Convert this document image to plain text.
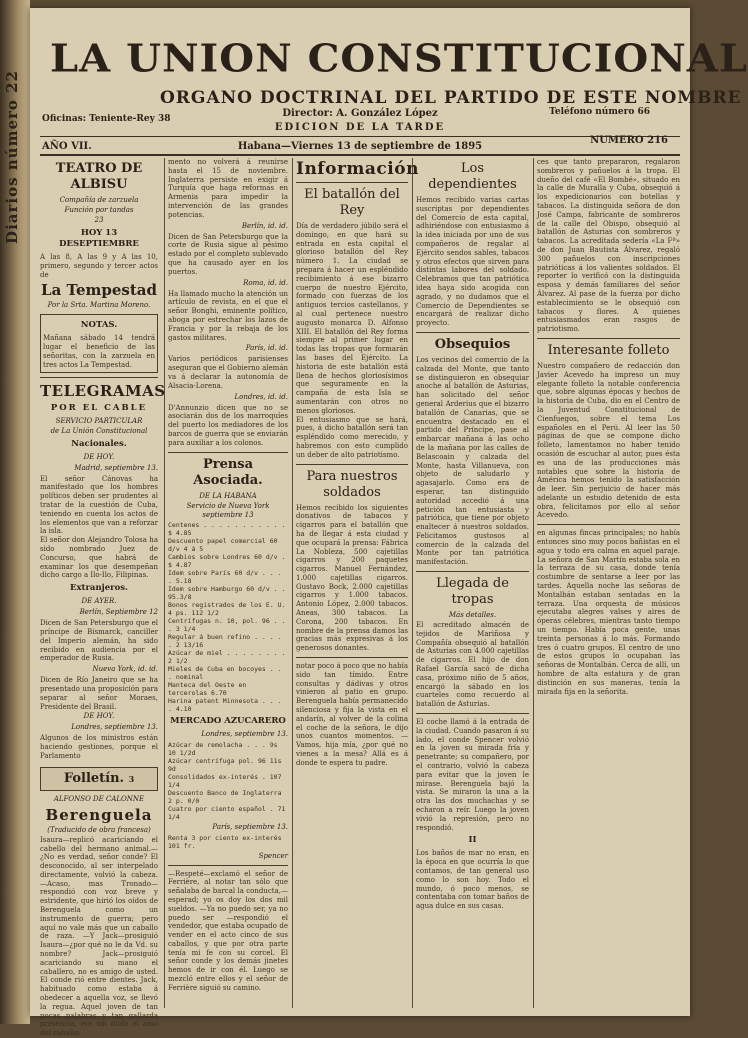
Diarios número 22
LA UNION CONSTITUCIONAL
ORGANO DOCTRINAL DEL PARTIDO DE ESTE NOMBRE
Oficinas: Teniente-Rey 38	Director: A. González López	Teléfono número 66
EDICION DE LA TARDE
AÑO VII.	Habana—Viernes 13 de septiembre de 1895
NUMERO 216
TEATRO DE ALBISU
Compañía de zarzuela
Función por tandas
23
HOY 13 DESEPTIEMBRE

A las 8, A las 9 y A las 10, primero, segundo y tercer actos de

La Tempestad
Por la Srta. Martina Moreno.
NOTAS.

Mañana sábado 14 tendrá lugar el beneficio de las señoritas, con la zarzuela en tres actos La Tempestad.

TELEGRAMAS
POR EL CABLE
SERVICIO PARTICULAR
de La Unión Constitucional
Nacionales.
DE HOY.
Madrid, septiembre 13.

El señor Cánovas ha manifestado que los hombres políticos deben ser prudentes al tratar de la cuestión de Cuba, teniendo en cuenta los actos de los elementos que van a reforzar la isla.

El señor don Alejandro Tolosa ha sido nombrado Juez de Concurso, que habrá de examinar los que desempeñan dicho cargo a Ilo-Ilo, Filipinas.

Extranjeros.
DE AYER.
Berlín, Septiembre 12

Dicen de San Petersburgo que el príncipe de Bismarck, canciller del Imperio alemán, ha sido recibido en audiencia por el emperador de Rusia.

Nueva York, id. id.

Dicen de Río Janeiro que se ha presentado una proposición para separar al señor Moraes, Presidente del Brasil.

DE HOY.
Londres, septiembre 13.

Algunos de los ministros están haciendo gestiones, porque el Parlamento

Folletín. 3
ALFONSO DE CALONNE
Berenguela
(Traducido de obra francesa)

Isaura—replicó acariciando el cabello del hermano animal.—¿No es verdad, señor conde? El desconocido, al ser interpelado directamente, volvió la cabeza. —Acaso, mas Tronado—respondió con voz breve y estridente, que hirió los oídos de Berenguela como un instrumento de guerra; pero aquí no vale más que un caballo de raza. —Y Jack—prosiguió Isaura—¿por qué no le da Vd. su nombre? Jack—prosiguió acariciando su mano el caballero, no es amigo de usted. El conde rió entre dientes. Jack, habituado como estaba á obedecer a aquella voz, se llevó la regua. Aquel joven de tan pocas palabras y tan gallarda presencia, era sin duda el amo del caballo.

mento no volverá á reunirse hasta el 15 de noviembre. Inglaterra persiste en exigir á Turquía que haga reformas en Armenia para impedir la intervención de las grandes potencias.

Berlín, id. id.

Dicen de San Petersburgo que la corte de Rusia sigue al pésimo estado por el completo sublevado que ha causado ayer en los puertos.

Roma, id. id.

Ha llamado mucho la atención un artículo de revista, en el que el señor Bonghi, eminente político, aboga por estrechar los lazos de Francia y por la rebaja de los gastos militares.

París, id. id.

Varios periódicos parisienses aseguran que el Gobierno alemán va á declarar la autonomía de Alsacia-Lorena.

Londres, id. id.

D'Annunzio dicen que no se asociarán dos de los marroquíes del puerto los mediadores de los barcos de guerra que se enviarán para auxiliar a los colonos.

Prensa Asociada.
DE LA HABANA
Servicio de Nueva York septiembre 13
Centenes . . . . . . . . . . . $ 4.85
Descuento papel comercial 60 d/v 4 á 5
Cambios sobre Londres 60 d/v . $ 4.87
Idem sobre París 60 d/v . . . . 5.18
Idem sobre Hamburgo 60 d/v . . 95.3/8
Bonos registrados de los E. U. 4 ps. 112 1/2
Centrífugas n. 10, pol. 96 . . . 3 1/4
Regular á buen refino . . . . . 2 13/16
Azúcar de miel . . . . . . . . 2 1/2
Mieles de Cuba en bocoyes . . . nominal
Manteca del Oeste en tercerolas 6.70
Harina patent Minnesota . . . . 4.10
MERCADO AZUCARERO
Londres, septiembre 13.
Azúcar de remolacha . . . 9s 10 1/2d
Azúcar centrífuga pol. 96 11s 9d
Consolidados ex-interés . 107 1/4
Descuento Banco de Inglaterra 2 p. 0/0
Cuatro por ciento español . 71 1/4
París, septiembre 13.
Renta 3 por ciento ex-interés 101 fr.
Spencer

—Respeté—exclamó el señor de Ferrière, al notar tan sólo que señalaba de barcal la conducta,—esperad; yo os doy los dos mil sueldos. —Ya no puedo ser, ya no puedo ser —respondió el vendedor, que estaba ocupado de vender en el acto cinco de sus caballos, y que por otra parte tenía mi fe con su corcel. El señor conde y los demás jinetes hemos de ir con él. Luego se mezcló entre ellos y el señor de Ferrière siguió su camino.

Información
El batallón del Rey

Día de verdadero júbilo será el domingo, en que hará su entrada en esta capital el glorioso batallón del Rey número 1. La ciudad se prepara á hacer un espléndido recibimiento á ese bizarro cuerpo de nuestro Ejército, formado con fuerzas de los antiguos tercios castellanos, y al cual pertenece nuestro augusto monarca D. Alfonso XIII. El batallón del Rey forma siempre al primer lugar en todas las tropas que formarán las bases del Ejército. La historia de este batallón está llena de hechos gloriosísimos que seguramente en la campaña de esta Isla se aumentarán con otros no menos gloriosos.

El entusiasmo que se hará, pues, á dicho batallón será tan espléndido como merecido, y habremos con esto cumplido un deber de alto patriotismo.

Para nuestros soldados

Hemos recibido los siguientes donativos de tabacos y cigarros para el batallón que ha de llegar á esta ciudad y que ocupará la prensa: Fábrica La Nobleza, 500 cajetillas cigarros y 200 paquetes cigarros. Manuel Fernández, 1.000 cajetillas cigarros. Gustavo Bock, 2.000 cajetillas cigarros y 1.000 tabacos. Antonio López, 2.000 tabacos. Aneas, 300 tabacos. La Corona, 200 tabacos. En nombre de la prensa damos las gracias más expresivas á los generosos donantes.

notar poco á poco que no había sido tan tímido. Entre consultas y dádivas y otros vinieron al patio en grupo. Berenguela había permanecido silenciosa y fija la vista en el andarín, al volver de la colina el coche de la señora, le dijo unos cuantos momentos. —Vamos, hija mía, ¿por qué no vienes a la mesa? Allá es á donde te espera tu padre.

Los dependientes

Hemos recibido varias cartas suscriptas por dependientes del Comercio de esta capital, adhiriéndose con entusiasmo á la idea iniciada por uno de sus compañeros de regalar al Ejército sendos sables, tabacos y otros efectos que sirven para distintas labores del soldado. Celebramos que tan patriótica idea haya sido acogida con agrado, y no dudamos que el Comercio de Dependientes se encargará de realizar dicho proyecto.

Obsequios

Los vecinos del comercio de la calzada del Monte, que tanto se distinguieron en obsequiar anoche al batallón de Asturias, han solicitado del señor general Arderius que el bizarro batallón de Canarias, que se encuentra destacado en el partido del Príncipe, pase al embarcar mañana á las ocho de la mañana por las calles de Belascoain y calzada del Monte, hasta Villanueva, con objeto de saludarlo y agasajarlo. Como era de esperar, tan distinguido autoridad accedió á una petición tan entusiasta y patriótica, que tiene por objeto enaltecer á nuestros soldados. Felicitamos gustosos al comercio de la calzada del Monte por tan patriótica manifestación.

Llegada de tropas
Más detalles.

El acreditado almacén de tejidos de Mariñosa y Compañía obsequió al batallón de Asturias con 4.000 cajetillas de cigarros. El hijo de don Rafael García sacó de dicha casa, próximo niño de 5 años, encargó la sábado en los cuarteles como recuerdo al batallón de Asturias.

El coche llamó á la entrada de la ciudad. Cuando pasaron á su lado, el conde Spencer volvió en la joven su mirada fría y penetrante; su compañero, por el contrario, volvió la cabeza para evitar que la joven le mirase. Berenguela bajó la vista. Se miraron la una a la otra las dos muchachas y se echaron a reír. Luego la joven vivió la represión, pero no respondió.

II

Los baños de mar no eran, en la época en que ocurría lo que contamos, de tan general uso como lo son hoy. Todo el mundo, ó poco menos, se contentaba con tomar baños de agua dulce en sus casas.

ces que tanto prepararon, regalaron sombreros y pañuelos á la tropa. El dueño del café «El Bombé», situado en la calle de Muralla y Cuba, obsequió á los expedicionarios con botellas y tabacos. La distinguida señora de don José Campa, fabricante de sombreros de la calle del Obispo, obsequió al batallón de Asturias con sombreros y tabacos. La acreditada sedería «La Fª» de don Juan Bautista Álvarez, regaló 300 pañuelos con inscripciones patrióticas á los valientes soldados. El reporter lo verificó con la distinguida esposa y demás familiares del señor Álvarez. Al pase de la fuerza por dicho establecimiento se le obsequió con tabacos y flores. A quienes entusiasmados eran rasgos de patriotismo.

Interesante folleto

Nuestro compañero de redacción don Javier Acevedo ha impreso un muy elegante folleto la notable conferencia que, sobre algunas épocas y hechos de la historia de Cuba, dio en el Centro de la Juventud Constitucional de Cienfuegos, sobre el tema Los españoles en el Perú. Al leer las 50 páginas de que se compone dicho folleto, lamentamos no haber tenido ocasión de escuchar al autor, pues ésta es una de las producciones más notables que sobre la historia de América hemos tenido la satisfacción de leer. Sin perjuicio de hacer más adelante un estudio detenido de esta obra, felicitamos por ello al señor Acevedo.

en algunas fincas principales; no había entonces sino muy pocos bañistas en el agua y todo era calma en aquel paraje. La señora de San Martín estaba sola en la terraza de su casa, donde tenía costumbre de sentarse a leer por las tardes. Aquella noche las señoras de Montalbán estaban sentadas en la terraza. Una orquesta de músicos ejecutaba alegres valses y aires de óperas célebres, mientras tanto tiempo un tiempo. Había poca gente, unas treinta personas á lo más. Formando tres ó cuatro grupos. El centro de uno de estos grupos lo ocupaban las señoras de Montalbán. Cerca de allí, un hombre de alta estatura y de gran distinción en sus maneras, tenía la mirada fija en la señorita.
